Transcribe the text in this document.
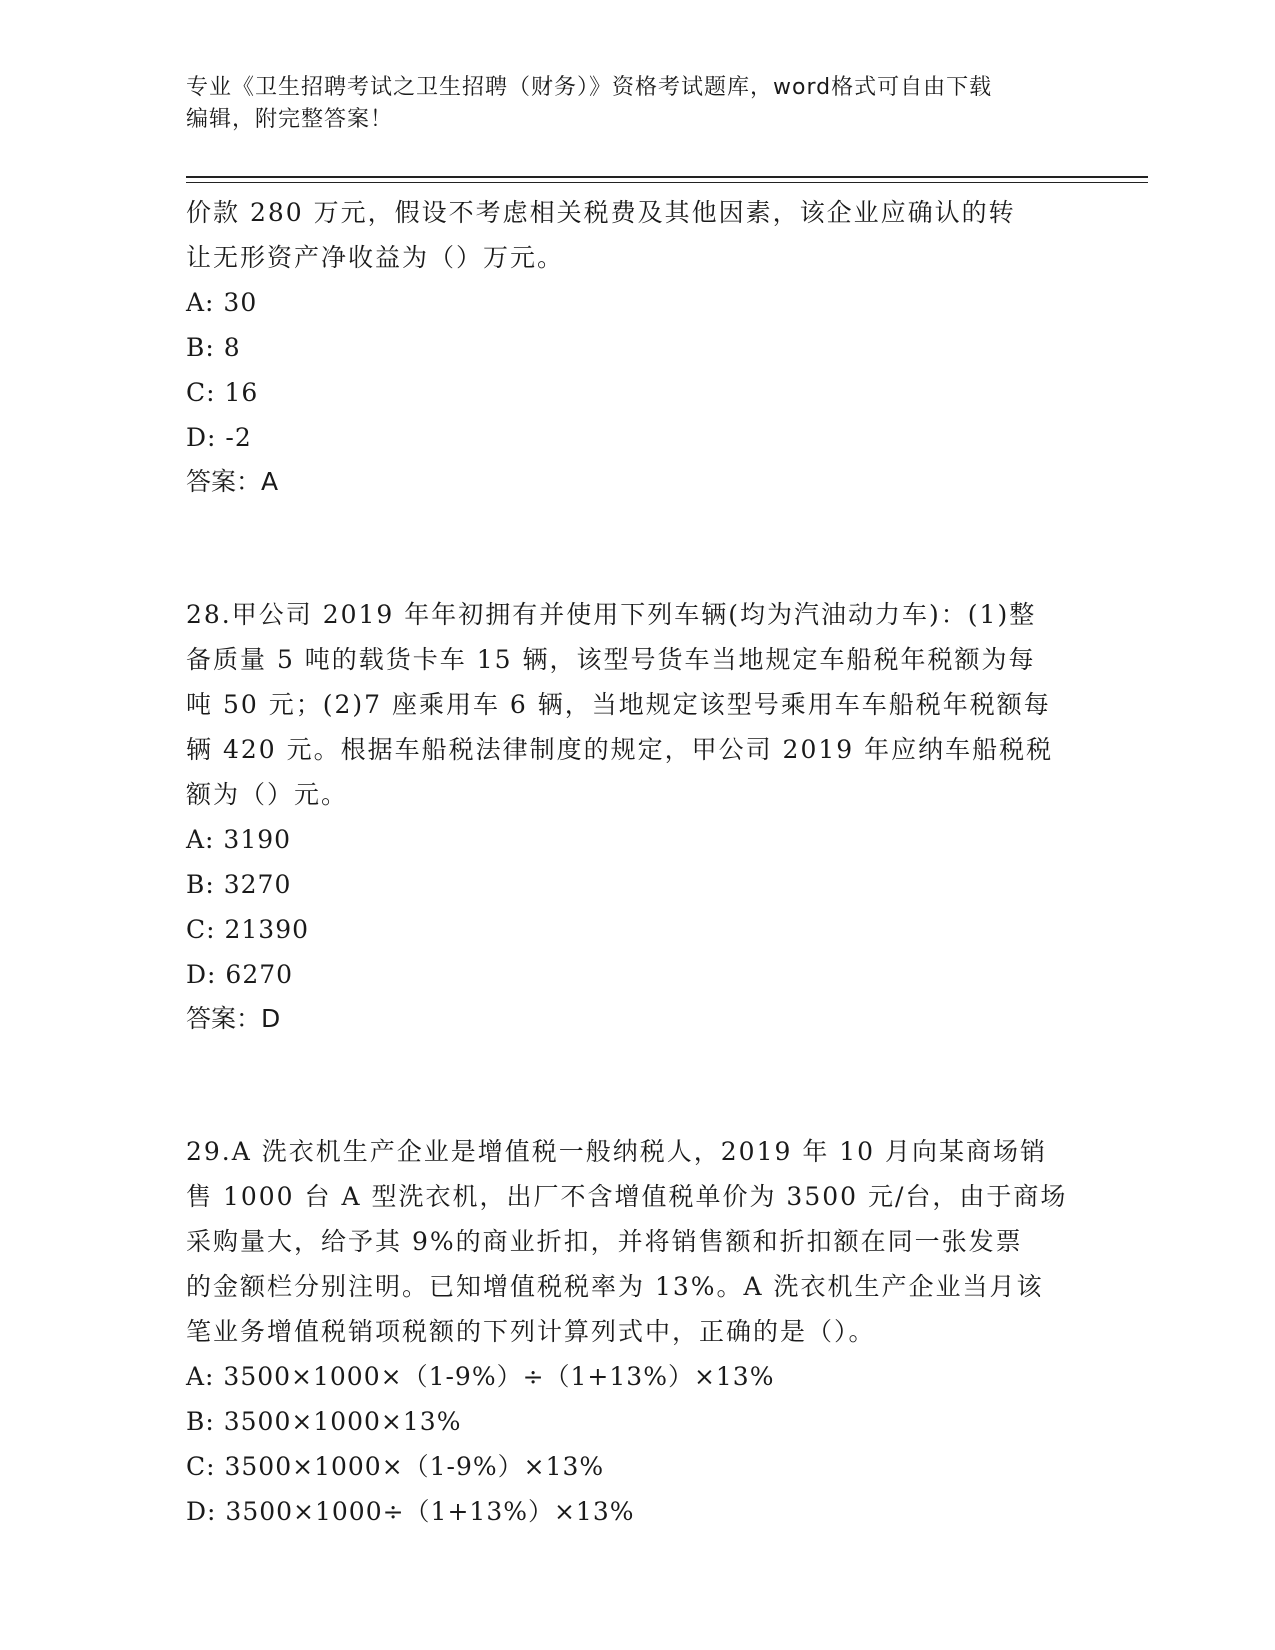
专业《卫生招聘考试之卫生招聘（财务）》资格考试题库，word格式可自由下载
编辑，附完整答案！

价款 280 万元，假设不考虑相关税费及其他因素，该企业应确认的转
让无形资产净收益为（）万元。

A: 30

B: 8

C: 16

D: -2

答案：A

28.甲公司 2019 年年初拥有并使用下列车辆(均为汽油动力车)：(1)整
备质量 5 吨的载货卡车 15 辆，该型号货车当地规定车船税年税额为每
吨 50 元；(2)7 座乘用车 6 辆，当地规定该型号乘用车车船税年税额每
辆 420 元。根据车船税法律制度的规定，甲公司 2019 年应纳车船税税
额为（）元。

A: 3190

B: 3270

C: 21390

D: 6270

答案：D

29.A 洗衣机生产企业是增值税一般纳税人，2019 年 10 月向某商场销
售 1000 台 A 型洗衣机，出厂不含增值税单价为 3500 元/台，由于商场
采购量大，给予其 9%的商业折扣，并将销售额和折扣额在同一张发票
的金额栏分别注明。已知增值税税率为 13%。A 洗衣机生产企业当月该
笔业务增值税销项税额的下列计算列式中，正确的是（）。

A: 3500×1000×（1-9%）÷（1+13%）×13%

B: 3500×1000×13%

C: 3500×1000×（1-9%）×13%

D: 3500×1000÷（1+13%）×13%
